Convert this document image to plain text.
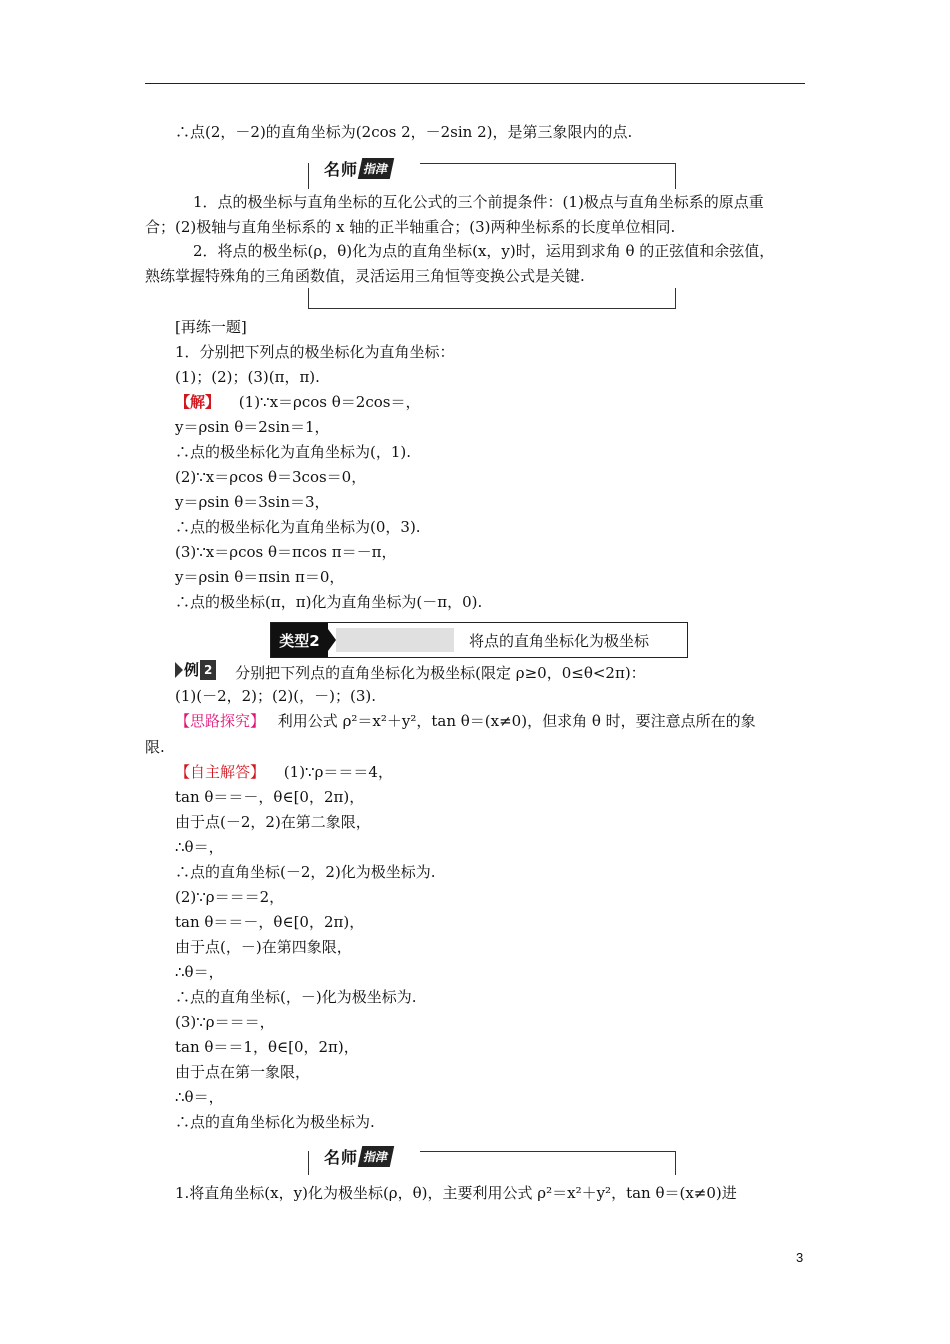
∴点(2，－2)的直角坐标为(2cos 2，－2sin 2)，是第三象限内的点.
名师 指津
1．点的极坐标与直角坐标的互化公式的三个前提条件：(1)极点与直角坐标系的原点重
合；(2)极轴与直角坐标系的 x 轴的正半轴重合；(3)两种坐标系的长度单位相同.
2．将点的极坐标(ρ，θ)化为点的直角坐标(x，y)时，运用到求角 θ 的正弦值和余弦值，
熟练掌握特殊角的三角函数值，灵活运用三角恒等变换公式是关键.
[再练一题]
1．分别把下列点的极坐标化为直角坐标：
(1)；(2)；(3)(π，π).
【解】 (1)∵x＝ρcos θ＝2cos＝，
y＝ρsin θ＝2sin＝1，
∴点的极坐标化为直角坐标为(，1).
(2)∵x＝ρcos θ＝3cos＝0，
y＝ρsin θ＝3sin＝3，
∴点的极坐标化为直角坐标为(0，3).
(3)∵x＝ρcos θ＝πcos π＝－π，
y＝ρsin θ＝πsin π＝0，
∴点的极坐标(π，π)化为直角坐标为(－π，0).
类型2	将点的直角坐标化为极坐标
例 2 分别把下列点的直角坐标化为极坐标(限定 ρ≥0，0≤θ<2π)：
(1)(－2，2)；(2)(，－)；(3).
【思路探究】 利用公式 ρ²＝x²＋y²，tan θ＝(x≠0)，但求角 θ 时，要注意点所在的象
限.
【自主解答】 (1)∵ρ＝＝＝4，
tan θ＝＝－，θ∈[0，2π)，
由于点(－2，2)在第二象限，
∴θ＝，
∴点的直角坐标(－2，2)化为极坐标为.
(2)∵ρ＝＝＝2，
tan θ＝＝－，θ∈[0，2π)，
由于点(，－)在第四象限，
∴θ＝，
∴点的直角坐标(，－)化为极坐标为.
(3)∵ρ＝＝＝，
tan θ＝＝1，θ∈[0，2π)，
由于点在第一象限，
∴θ＝，
∴点的直角坐标化为极坐标为.
名师 指津
1.将直角坐标(x，y)化为极坐标(ρ，θ)，主要利用公式 ρ²＝x²＋y²，tan θ＝(x≠0)进
3
